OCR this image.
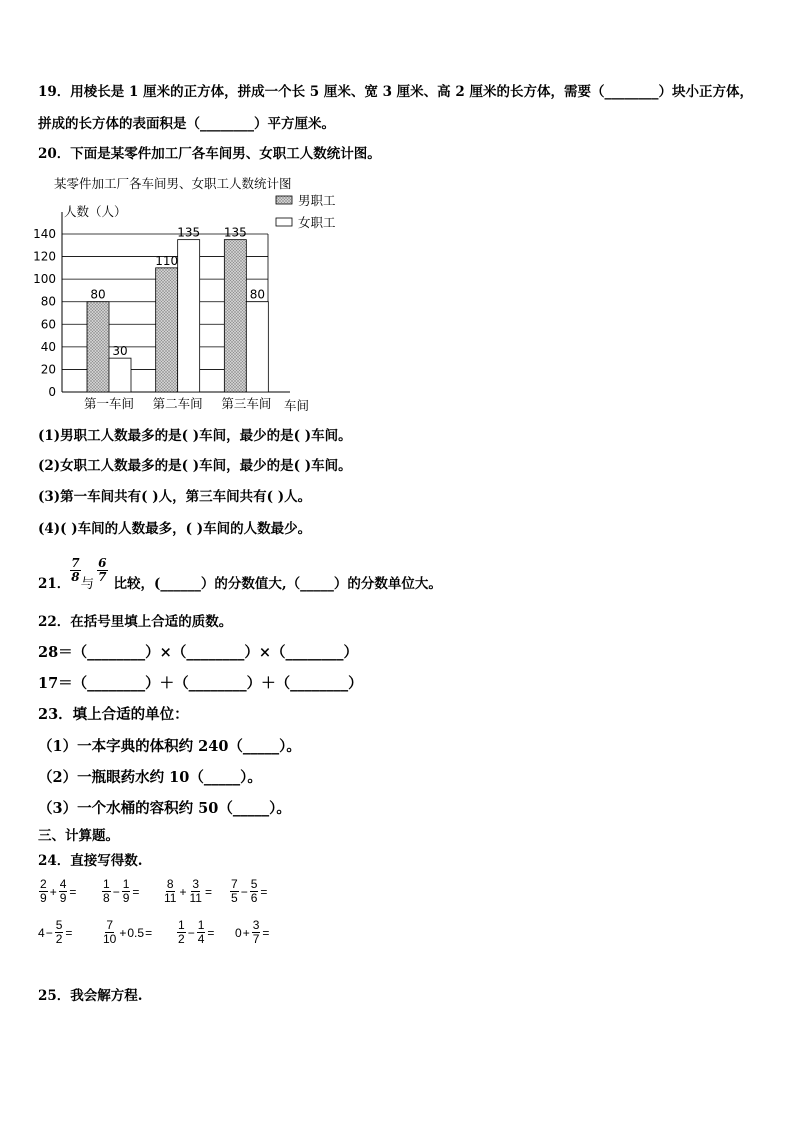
19．用棱长是 1 厘米的正方体，拼成一个长 5 厘米、宽 3 厘米、高 2 厘米的长方体，需要（________）块小正方体，
拼成的长方体的表面积是（________）平方厘米。
20．下面是某零件加工厂各车间男、女职工人数统计图。
某零件加工厂各车间男、女职工人数统计图
人数（人）
车间
0
20
40
60
80
100
120
140
80
30
110
135 135
80
第一车间 第二车间 第三车间
男职工
女职工
(1)男职工人数最多的是( )车间，最少的是( )车间。
(2)女职工人数最多的是( )车间，最少的是( )车间。
(3)第一车间共有( )人，第三车间共有( )人。
(4)( )车间的人数最多，( )车间的人数最少。
21．
$\frac{7}{8}$
与
$\frac{6}{7}$
比较，(______）的分数值大,（_____）的分数单位大。
22．在括号里填上合适的质数。
28＝（________）×（________）×（________）
17＝（________）＋（________）＋（________）
23．填上合适的单位：
（1）一本字典的体积约 240（_____）。
（2）一瓶眼药水约 10（_____）。
（3）一个水桶的容积约 50（_____）。
三、计算题。
24．直接写得数.
$\frac{2}{9} + \frac{4}{9} = \frac{1}{8} - \frac{1}{9} = \frac{8}{11} + \frac{3}{11} = \frac{7}{5} - \frac{5}{6}$ =
$4 - \frac{5}{2} = \frac{7}{10} + 0.5 = \frac{1}{2} - \frac{1}{4} = 0 + \frac{3}{7}$ =
25．我会解方程.
